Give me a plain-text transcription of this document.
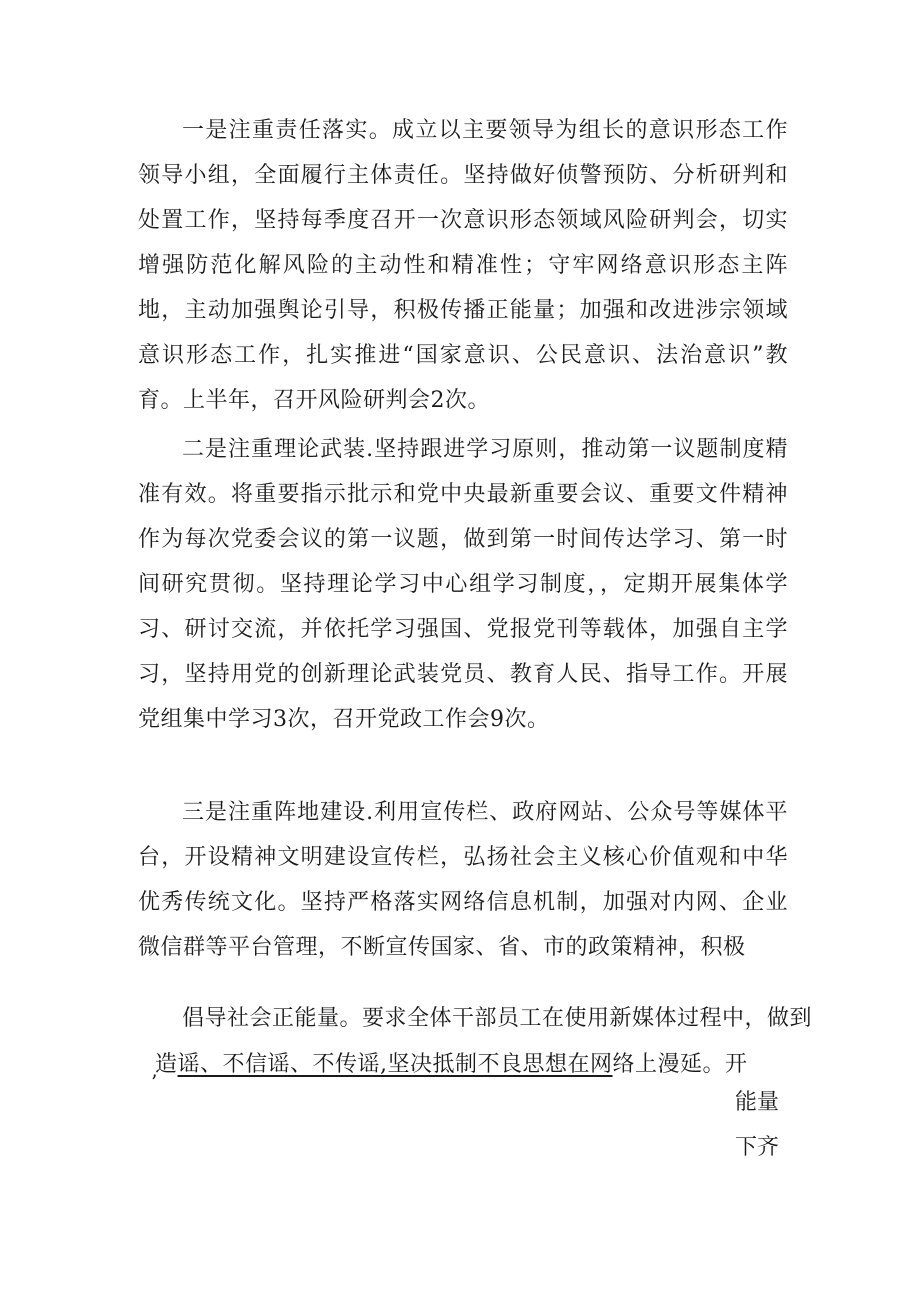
一是注重责任落实。成立以主要领导为组长的意识形态工作领导小组，全面履行主体责任。坚持做好侦警预防、分析研判和处置工作，坚持每季度召开一次意识形态领域风险研判会，切实增强防范化解风险的主动性和精准性；守牢网络意识形态主阵地，主动加强舆论引导，积极传播正能量；加强和改进涉宗领域意识形态工作，扎实推进“国家意识、公民意识、法治意识”教育。上半年，召开风险研判会2次。

二是注重理论武装.坚持跟进学习原则，推动第一议题制度精准有效。将重要指示批示和党中央最新重要会议、重要文件精神作为每次党委会议的第一议题，做到第一时间传达学习、第一时间研究贯彻。坚持理论学习中心组学习制度，，定期开展集体学习、研讨交流，并依托学习强国、党报党刊等载体，加强自主学习，坚持用党的创新理论武装党员、教育人民、指导工作。开展党组集中学习3次，召开党政工作会9次。

三是注重阵地建设.利用宣传栏、政府网站、公众号等媒体平台，开设精神文明建设宣传栏，弘扬社会主义核心价值观和中华优秀传统文化。坚持严格落实网络信息机制，加强对内网、企业微信群等平台管理，不断宣传国家、省、市的政策精神，积极

倡导社会正能量。要求全体干部员工在使用新媒体过程中，做到
造谣、不信谣、不传谣,坚决抵制不良思想在网络上漫延。开
’
能量
下齐
